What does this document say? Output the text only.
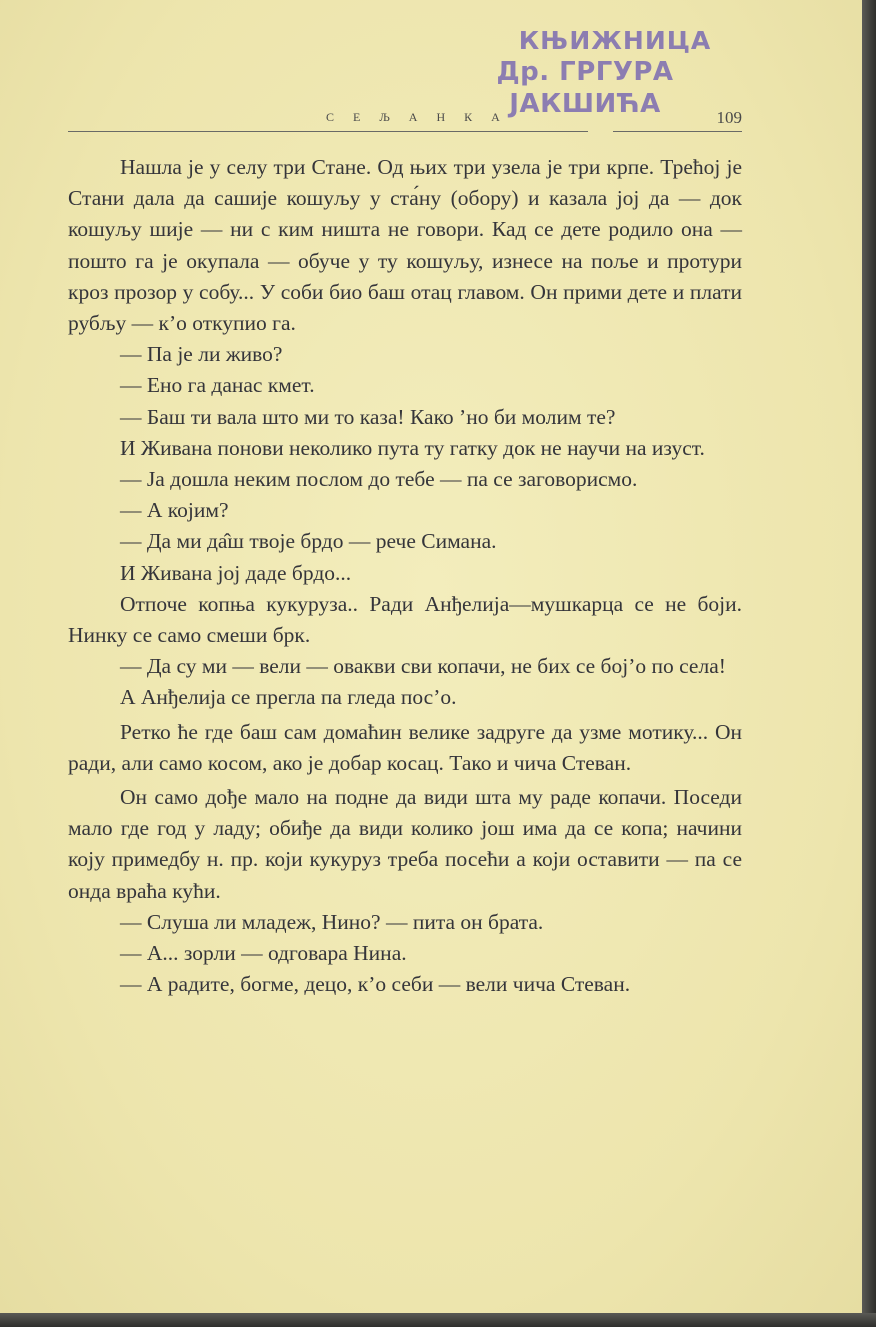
КЊИЖНИЦА
Др. ГРГУРА ЈАКШИЋА
С Е Љ А Н К А	109

Нашла је у селу три Стане. Од њих три узела је три крпе. Трећој је Стани дала да сашије кошуљу у ста́ну (обору) и казала јој да — док кошуљу шије — ни с ким ништа не говори. Кад се дете родило она — пошто га је окупала — обуче у ту кошуљу, изнесе на поље и протури кроз прозор у собу... У соби био баш отац главом. Он прими дете и плати рубљу — к’о откупио га.

— Па је ли живо?

— Ено га данас кмет.

— Баш ти вала што ми то каза! Како ’но би молим те?

И Живана понови неколико пута ту гатку док не научи на изуст.

— Ја дошла неким послом до тебе — па се заговорисмо.

— А којим?

— Да ми да̂ш твоје брдо — рече Симана.

И Живана јој даде брдо...

Отпоче копња кукуруза.. Ради Анђелија—мушкарца се не боји. Нинку се само смеши брк.

— Да су ми — вели — овакви сви копачи, не бих се бој’о по села!

А Анђелија се прегла па гледа пос’о.

Ретко ће где баш сам домаћин велике задруге да узме мотику... Он ради, али само косом, ако је добар косац. Тако и чича Стеван.

Он само дође мало на подне да види шта му раде копачи. Поседи мало где год у ладу; обиђе да види колико још има да се копа; начини коју примедбу н. пр. који кукуруз треба посећи а који оставити — па се онда враћа кући.

— Слуша ли младеж, Нино? — пита он брата.

— А... зорли — одговара Нина.

— А радите, богме, децо, к’о себи — вели чича Стеван.
